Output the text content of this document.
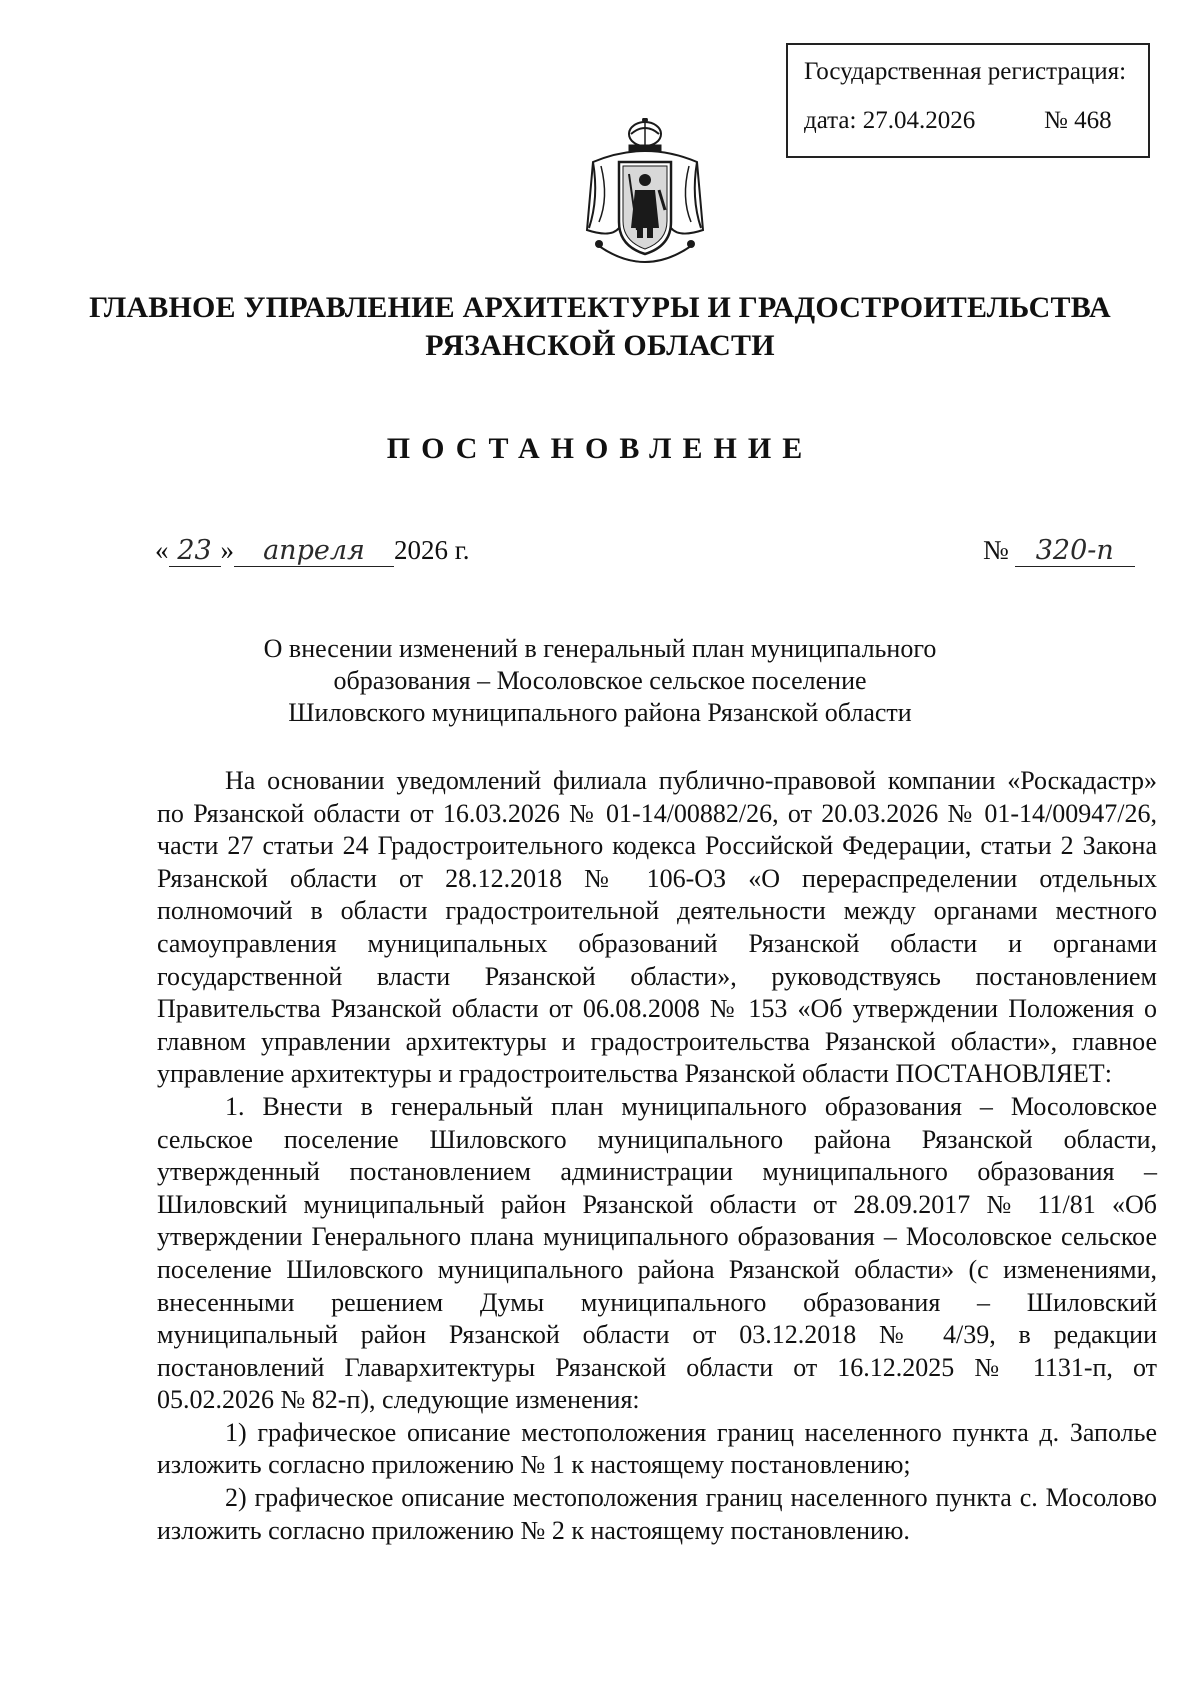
Государственная регистрация:
дата: 27.04.2026	№ 468
ГЛАВНОЕ УПРАВЛЕНИЕ АРХИТЕКТУРЫ И ГРАДОСТРОИТЕЛЬСТВА
РЯЗАНСКОЙ ОБЛАСТИ
ПОСТАНОВЛЕНИЕ
« 23 » апреля 2026 г.	№ 320-п
О внесении изменений в генеральный план муниципального
образования – Мосоловское сельское поселение
Шиловского муниципального района Рязанской области

На основании уведомлений филиала публично-правовой компании «Роскадастр» по Рязанской области от 16.03.2026 № 01-14/00882/26, от 20.03.2026 № 01-14/00947/26, части 27 статьи 24 Градостроительного кодекса Российской Федерации, статьи 2 Закона Рязанской области от 28.12.2018 № 106-ОЗ «О перераспределении отдельных полномочий в области градостроительной деятельности между органами местного самоуправления муниципальных образований Рязанской области и органами государственной власти Рязанской области», руководствуясь постановлением Правительства Рязанской области от 06.08.2008 № 153 «Об утверждении Положения о главном управлении архитектуры и градостроительства Рязанской области», главное управление архитектуры и градостроительства Рязанской области ПОСТАНОВЛЯЕТ:

1. Внести в генеральный план муниципального образования – Мосоловское сельское поселение Шиловского муниципального района Рязанской области, утвержденный постановлением администрации муниципального образования – Шиловский муниципальный район Рязанской области от 28.09.2017 № 11/81 «Об утверждении Генерального плана муниципального образования – Мосоловское сельское поселение Шиловского муниципального района Рязанской области» (с изменениями, внесенными решением Думы муниципального образования – Шиловский муниципальный район Рязанской области от 03.12.2018 № 4/39, в редакции постановлений Главархитектуры Рязанской области от 16.12.2025 № 1131-п, от 05.02.2026 № 82-п), следующие изменения:

1) графическое описание местоположения границ населенного пункта д. Заполье изложить согласно приложению № 1 к настоящему постановлению;

2) графическое описание местоположения границ населенного пункта с. Мосолово изложить согласно приложению № 2 к настоящему постановлению.
